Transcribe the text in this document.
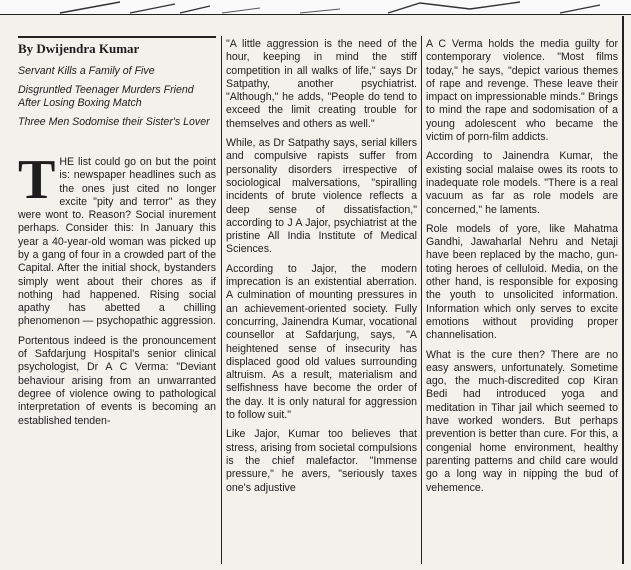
By Dwijendra Kumar
Servant Kills a Family of Five
Disgruntled Teenager Murders Friend After Losing Boxing Match
Three Men Sodomise their Sister's Lover

THE list could go on but the point is: newspaper headlines such as the ones just cited no longer excite "pity and terror" as they were wont to. Reason? Social inurement perhaps. Consider this: In January this year a 40-year-old woman was picked up by a gang of four in a crowded part of the Capital. After the initial shock, bystanders simply went about their chores as if nothing had happened. Rising social apathy has abetted a chilling phenomenon — psychopathic aggression.

Portentous indeed is the pronouncement of Safdarjung Hospital's senior clinical psychologist, Dr A C Verma: "Deviant behaviour arising from an unwarranted degree of violence owing to pathological interpretation of events is becoming an established tenden-

"A little aggression is the need of the hour, keeping in mind the stiff competition in all walks of life," says Dr Satpathy, another psychiatrist. "Although," he adds, "People do tend to exceed the limit creating trouble for themselves and others as well."

While, as Dr Satpathy says, serial killers and compulsive rapists suffer from personality disorders irrespective of sociological malversations, "spiralling incidents of brute violence reflects a deep sense of dissatisfaction," according to J A Jajor, psychiatrist at the pristine All India Institute of Medical Sciences.

According to Jajor, the modern imprecation is an existential aberration. A culmination of mounting pressures in an achievement-oriented society. Fully concurring, Jainendra Kumar, vocational counsellor at Safdarjung, says, "A heightened sense of insecurity has displaced good old values surrounding altruism. As a result, materialism and selfishness have become the order of the day. It is only natural for aggression to follow suit."

Like Jajor, Kumar too believes that stress, arising from societal compulsions is the chief malefactor. "Immense pressure," he avers, "seriously taxes one's adjustive

A C Verma holds the media guilty for contemporary violence. "Most films today," he says, "depict various themes of rape and revenge. These leave their impact on impressionable minds." Brings to mind the rape and sodomisation of a young adolescent who became the victim of porn-film addicts.

According to Jainendra Kumar, the existing social malaise owes its roots to inadequate role models. "There is a real vacuum as far as role models are concerned," he laments.

Role models of yore, like Mahatma Gandhi, Jawaharlal Nehru and Netaji have been replaced by the macho, gun-toting heroes of celluloid. Media, on the other hand, is responsible for exposing the youth to unsolicited information. Information which only serves to excite emotions without providing proper channelisation.

What is the cure then? There are no easy answers, unfortunately. Sometime ago, the much-discredited cop Kiran Bedi had introduced yoga and meditation in Tihar jail which seemed to have worked wonders. But perhaps prevention is better than cure. For this, a congenial home environment, healthy parenting patterns and child care would go a long way in nipping the bud of vehemence.
